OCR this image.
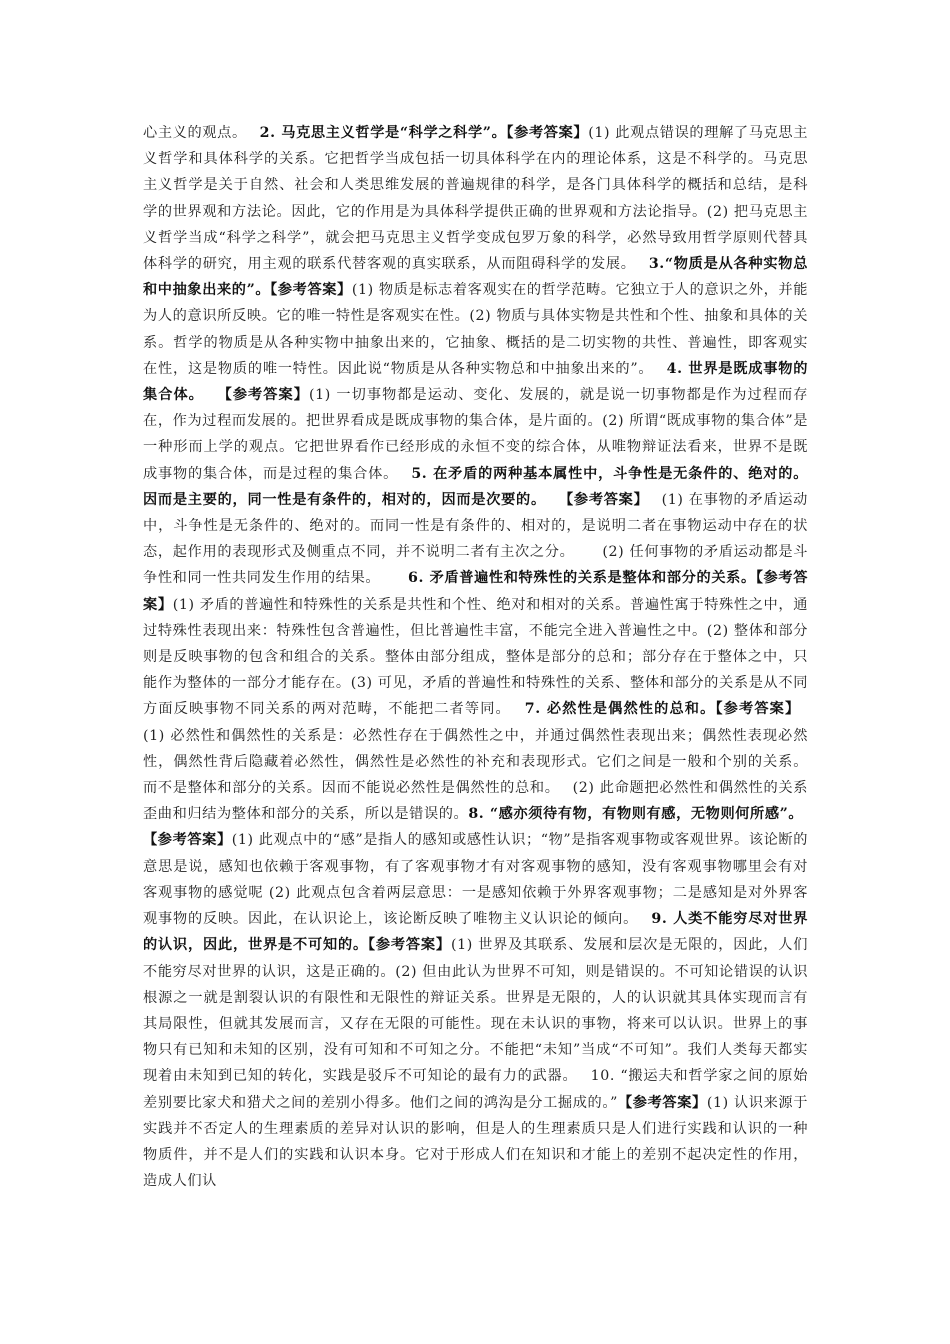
心主义的观点。　 2. 马克思主义哲学是“科学之科学”。【参考答案】(1) 此观点错误的理解了马克思主义哲学和具体科学的关系。它把哲学当成包括一切具体科学在内的理论体系，这是不科学的。马克思主义哲学是关于自然、社会和人类思维发展的普遍规律的科学，是各门具体科学的概括和总结，是科学的世界观和方法论。因此，它的作用是为具体科学提供正确的世界观和方法论指导。(2) 把马克思主义哲学当成“科学之科学”，就会把马克思主义哲学变成包罗万象的科学，必然导致用哲学原则代替具体科学的研究，用主观的联系代替客观的真实联系，从而阻碍科学的发展。　 3.“物质是从各种实物总和中抽象出来的”。【参考答案】(1) 物质是标志着客观实在的哲学范畴。它独立于人的意识之外，并能为人的意识所反映。它的唯一特性是客观实在性。(2) 物质与具体实物是共性和个性、抽象和具体的关系。哲学的物质是从各种实物中抽象出来的，它抽象、概括的是二切实物的共性、普遍性，即客观实在性，这是物质的唯一特性。因此说“物质是从各种实物总和中抽象出来的”。　 4. 世界是既成事物的集合体。　 【参考答案】(1) 一切事物都是运动、变化、发展的，就是说一切事物都是作为过程而存在，作为过程而发展的。把世界看成是既成事物的集合体，是片面的。(2) 所谓“既成事物的集合体”是一种形而上学的观点。它把世界看作已经形成的永恒不变的综合体，从唯物辩证法看来，世界不是既成事物的集合体，而是过程的集合体。　 5. 在矛盾的两种基本属性中，斗争性是无条件的、绝对的。因而是主要的，同一性是有条件的，相对的，因而是次要的。　 【参考答案】　 (1) 在事物的矛盾运动中，斗争性是无条件的、绝对的。而同一性是有条件的、相对的，是说明二者在事物运动中存在的状态，起作用的表现形式及侧重点不同，并不说明二者有主次之分。　　 (2) 任何事物的矛盾运动都是斗争性和同一性共同发生作用的结果。　　 6. 矛盾普遍性和特殊性的关系是整体和部分的关系。【参考答案】(1) 矛盾的普遍性和特殊性的关系是共性和个性、绝对和相对的关系。普遍性寓于特殊性之中，通过特殊性表现出来：特殊性包含普遍性，但比普遍性丰富，不能完全进入普遍性之中。(2) 整体和部分则是反映事物的包含和组合的关系。整体由部分组成，整体是部分的总和；部分存在于整体之中，只能作为整体的一部分才能存在。(3) 可见，矛盾的普遍性和特殊性的关系、整体和部分的关系是从不同方面反映事物不同关系的两对范畴，不能把二者等同。　 7. 必然性是偶然性的总和。【参考答案】　 (1) 必然性和偶然性的关系是：必然性存在于偶然性之中，并通过偶然性表现出来；偶然性表现必然性，偶然性背后隐藏着必然性，偶然性是必然性的补充和表现形式。它们之间是一般和个别的关系。而不是整体和部分的关系。因而不能说必然性是偶然性的总和。　 (2) 此命题把必然性和偶然性的关系歪曲和归结为整体和部分的关系，所以是错误的。8. “感亦须待有物，有物则有感，无物则何所感”。　 【参考答案】(1) 此观点中的“感”是指人的感知或感性认识；“物”是指客观事物或客观世界。该论断的意思是说，感知也依赖于客观事物，有了客观事物才有对客观事物的感知，没有客观事物哪里会有对客观事物的感觉呢 (2) 此观点包含着两层意思：一是感知依赖于外界客观事物；二是感知是对外界客观事物的反映。因此，在认识论上，该论断反映了唯物主义认识论的倾向。　 9. 人类不能穷尽对世界的认识，因此，世界是不可知的。【参考答案】(1) 世界及其联系、发展和层次是无限的，因此，人们不能穷尽对世界的认识，这是正确的。(2) 但由此认为世界不可知，则是错误的。不可知论错误的认识根源之一就是割裂认识的有限性和无限性的辩证关系。世界是无限的，人的认识就其具体实现而言有其局限性，但就其发展而言，又存在无限的可能性。现在未认识的事物，将来可以认识。世界上的事物只有已知和未知的区别，没有可知和不可知之分。不能把“未知”当成“不可知”。我们人类每天都实现着由未知到已知的转化，实践是驳斥不可知论的最有力的武器。　 10. “搬运夫和哲学家之间的原始差别要比家犬和猎犬之间的差别小得多。他们之间的鸿沟是分工掘成的。”【参考答案】(1) 认识来源于实践并不否定人的生理素质的差异对认识的影响，但是人的生理素质只是人们进行实践和认识的一种物质件，并不是人们的实践和认识本身。它对于形成人们在知识和才能上的差别不起决定性的作用，造成人们认
